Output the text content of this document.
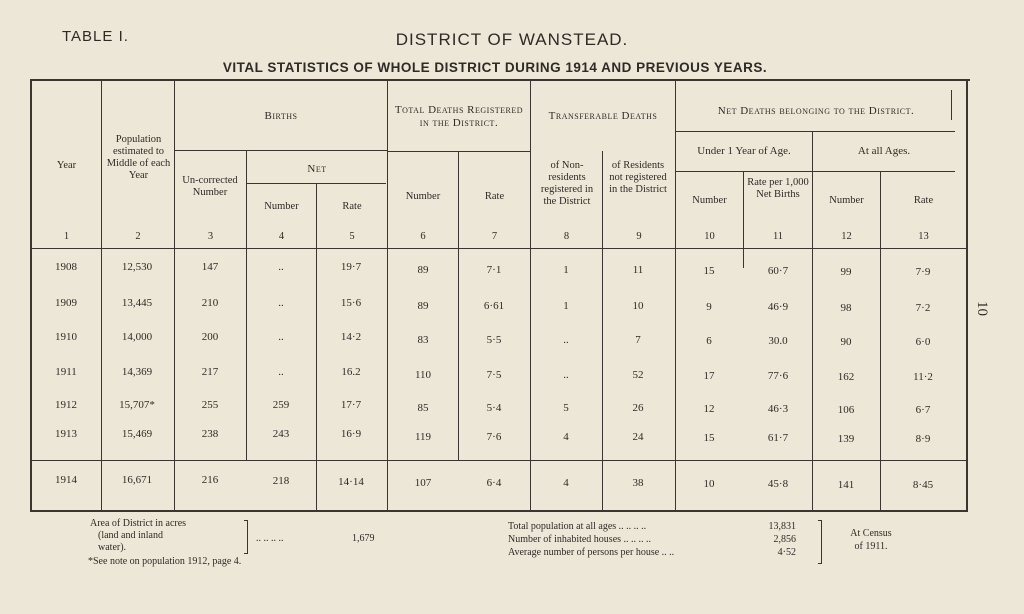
TABLE I.	DISTRICT OF WANSTEAD.
VITAL STATISTICS OF WHOLE DISTRICT DURING 1914 AND PREVIOUS YEARS.
10
Year
Population estimated to Middle of each Year
Births
Un-corrected Number
Net
Number	Rate
Total Deaths Registered in the District.
Number	Rate
Transferable Deaths
of Non-residents registered in the District
of Residents not registered in the District
Net Deaths belonging to the District.
Under 1 Year of Age.
Number
Rate per 1,000 Net Births
At all Ages.
Number	Rate
1	2	3	4	5	6	7	8	9	10	11	12	13
1908	12,530	147	..	19·7	89	7·1	1	11	15	60·7	99	7·9
1909	13,445	210	..	15·6	89	6·61	1	10	9	46·9	98	7·2
1910	14,000	200	..	14·2	83	5·5	..	7	6	30.0	90	6·0
1911	14,369	217	..	16.2	110	7·5	..	52	17	77·6	162	11·2
1912	15,707*	255	259	17·7	85	5·4	5	26	12	46·3	106	6·7
1913	15,469	238	243	16·9	119	7·6	4	24	15	61·7	139	8·9
1914	16,671	216	218	14·14	107	6·4	4	38	10	45·8	141	8·45
Area of District in acres
(land and inland
water).
.. .. .. ..	1,679
*See note on population 1912, page 4.
Total population at all ages .. .. .. ..	13,831
Number of inhabited houses .. .. .. ..	2,856
Average number of persons per house .. ..	4·52
At Census
of 1911.
